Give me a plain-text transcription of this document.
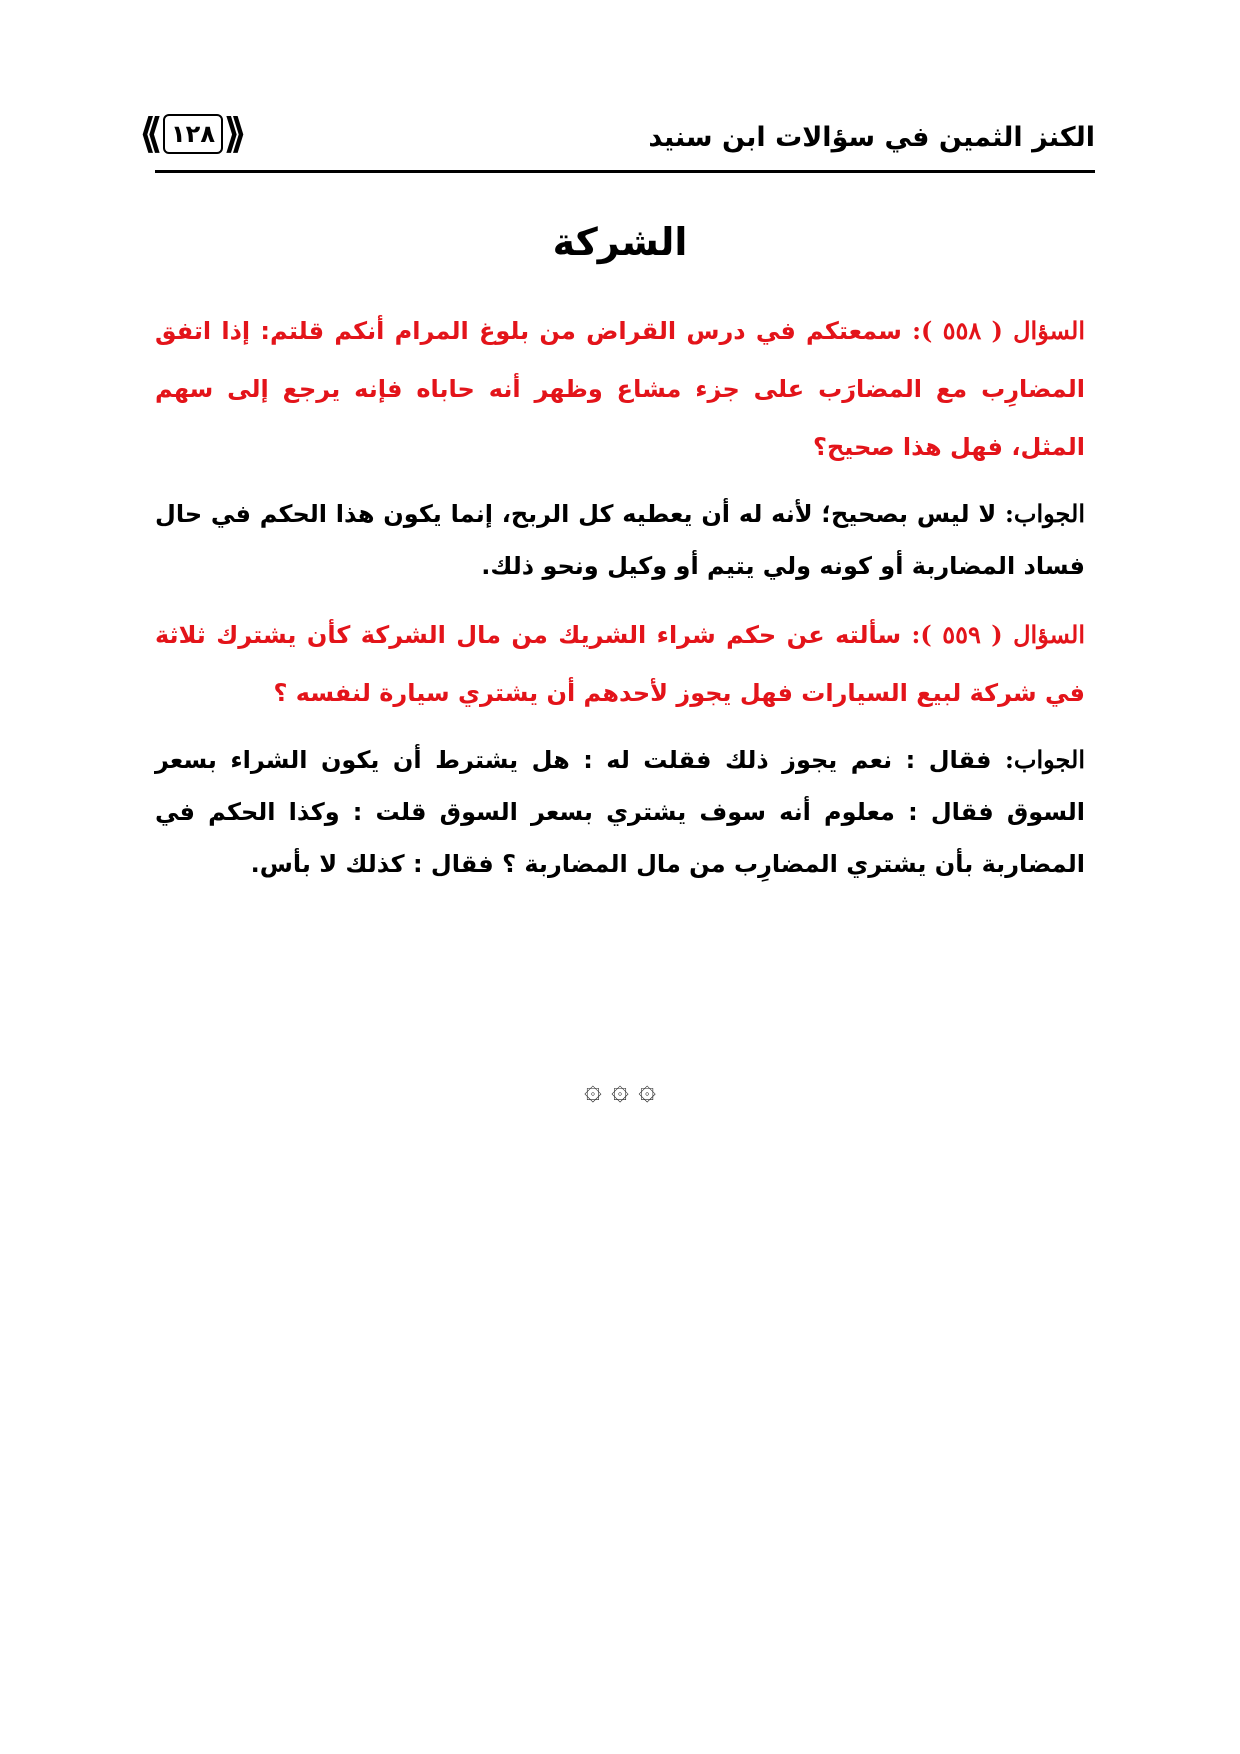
⟪ ١٢٨ ⟫	الكنز الثمين في سؤالات ابن سنيد
الشركة

السؤال ( ٥٥٨ ): سمعتكم في درس القراض من بلوغ المرام أنكم قلتم: إذا اتفق المضارِب مع المضارَب على جزء مشاع وظهر أنه حاباه فإنه يرجع إلى سهم المثل، فهل هذا صحيح؟

الجواب: لا ليس بصحيح؛ لأنه له أن يعطيه كل الربح، إنما يكون هذا الحكم في حال فساد المضاربة أو كونه ولي يتيم أو وكيل ونحو ذلك.

السؤال ( ٥٥٩ ): سألته عن حكم شراء الشريك من مال الشركة كأن يشترك ثلاثة في شركة لبيع السيارات فهل يجوز لأحدهم أن يشتري سيارة لنفسه ؟

الجواب: فقال : نعم يجوز ذلك فقلت له : هل يشترط أن يكون الشراء بسعر السوق فقال : معلوم أنه سوف يشتري بسعر السوق قلت : وكذا الحكم في المضاربة بأن يشتري المضارِب من مال المضاربة ؟ فقال : كذلك لا بأس.

۞ ۞ ۞
